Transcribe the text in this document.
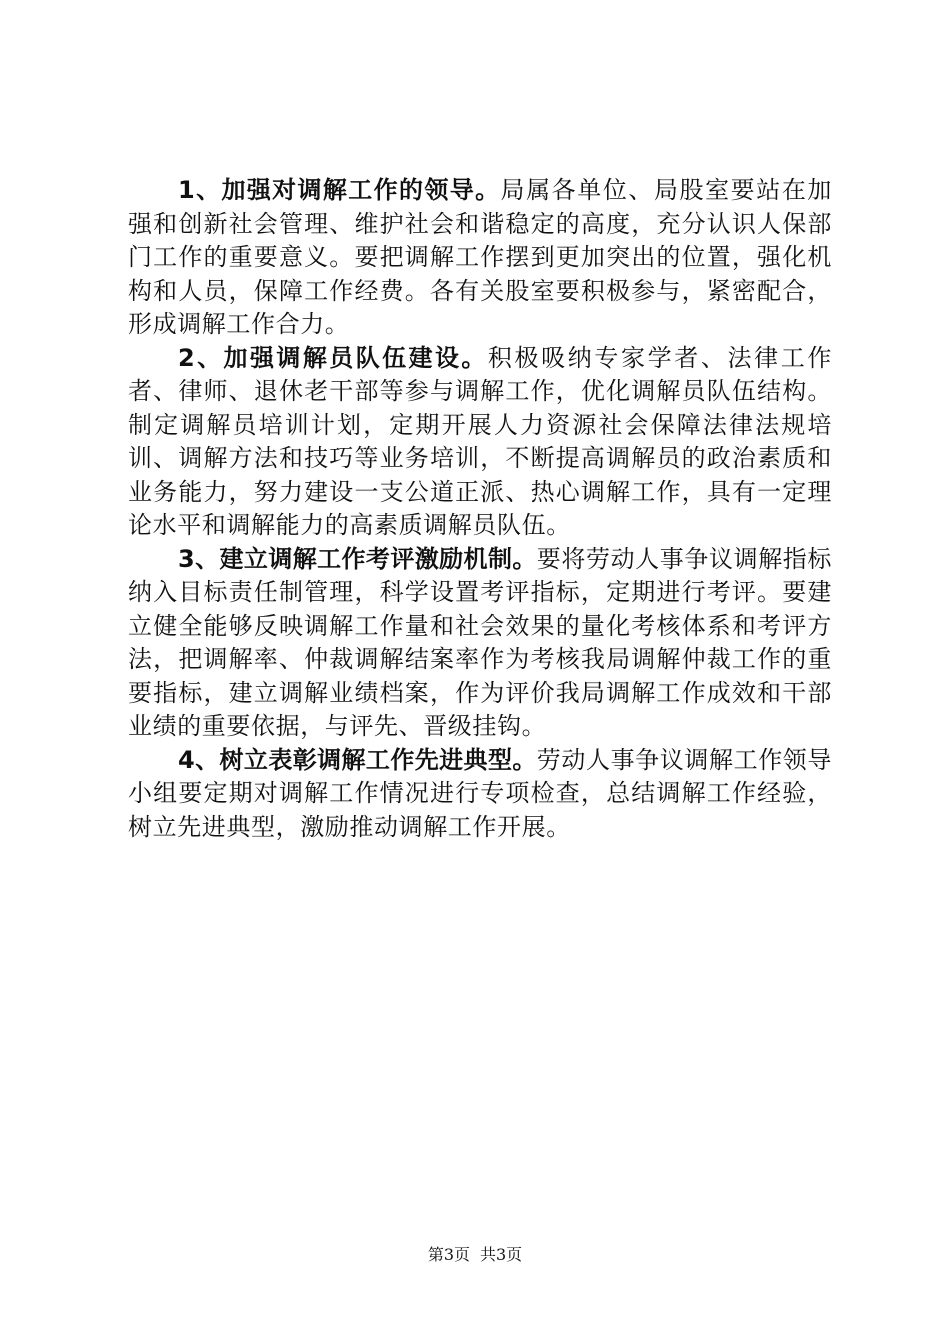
1、加强对调解工作的领导。局属各单位、局股室要站在加强和创新社会管理、维护社会和谐稳定的高度，充分认识人保部门工作的重要意义。要把调解工作摆到更加突出的位置，强化机构和人员，保障工作经费。各有关股室要积极参与，紧密配合，形成调解工作合力。

2、加强调解员队伍建设。积极吸纳专家学者、法律工作者、律师、退休老干部等参与调解工作，优化调解员队伍结构。制定调解员培训计划，定期开展人力资源社会保障法律法规培训、调解方法和技巧等业务培训，不断提高调解员的政治素质和业务能力，努力建设一支公道正派、热心调解工作，具有一定理论水平和调解能力的高素质调解员队伍。

3、建立调解工作考评激励机制。要将劳动人事争议调解指标纳入目标责任制管理，科学设置考评指标，定期进行考评。要建立健全能够反映调解工作量和社会效果的量化考核体系和考评方法，把调解率、仲裁调解结案率作为考核我局调解仲裁工作的重要指标，建立调解业绩档案，作为评价我局调解工作成效和干部业绩的重要依据，与评先、晋级挂钩。

4、树立表彰调解工作先进典型。劳动人事争议调解工作领导小组要定期对调解工作情况进行专项检查，总结调解工作经验，树立先进典型，激励推动调解工作开展。

第3页 共3页
